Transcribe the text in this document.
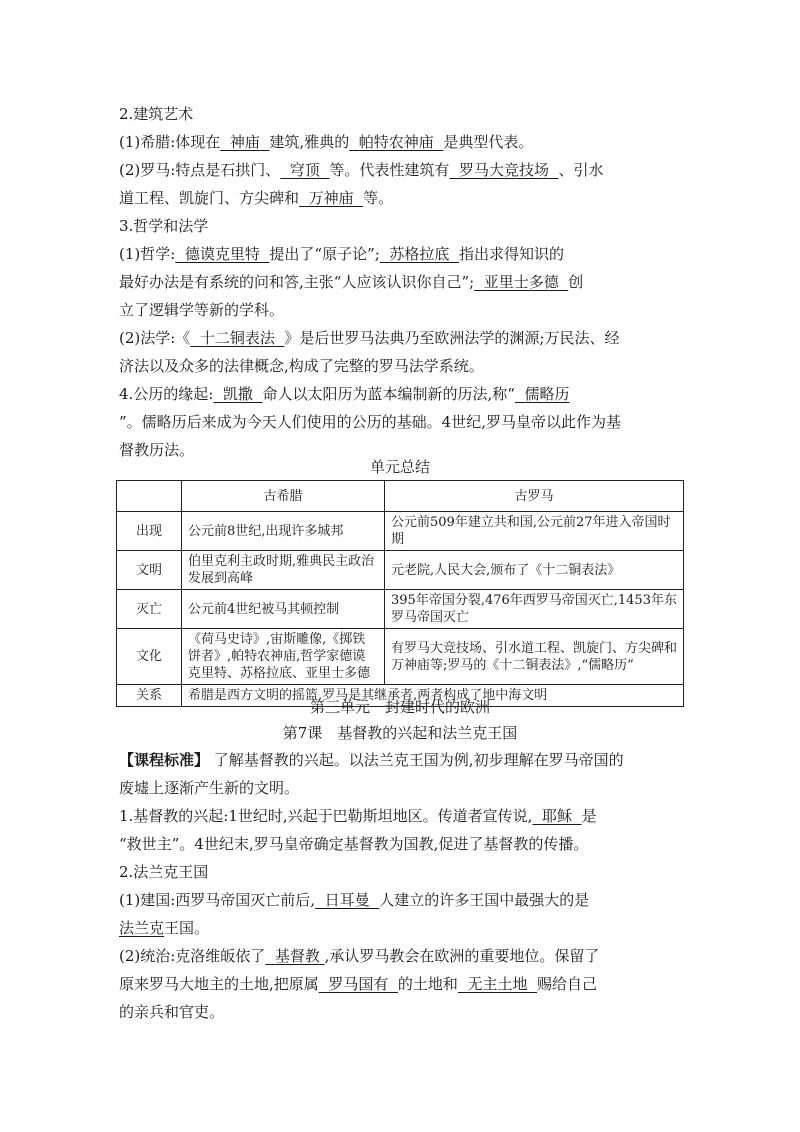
2.建筑艺术
(1)希腊:体现在 神庙 建筑,雅典的 帕特农神庙 是典型代表。
(2)罗马:特点是石拱门、 穹顶 等。代表性建筑有 罗马大竞技场 、引水
道工程、凯旋门、方尖碑和 万神庙 等。
3.哲学和法学
(1)哲学: 德谟克里特 提出了“原子论”; 苏格拉底 指出求得知识的
最好办法是有系统的问和答,主张“人应该认识你自己”; 亚里士多德 创
立了逻辑学等新的学科。
(2)法学:《 十二铜表法 》是后世罗马法典乃至欧洲法学的渊源;万民法、经
济法以及众多的法律概念,构成了完整的罗马法学系统。
4.公历的缘起: 凯撒 命人以太阳历为蓝本编制新的历法,称“ 儒略历
”。儒略历后来成为今天人们使用的公历的基础。4世纪,罗马皇帝以此作为基
督教历法。
单元总结
	古希腊	古罗马
出现	公元前8世纪,出现许多城邦	公元前509年建立共和国,公元前27年进入帝国时期
文明	伯里克利主政时期,雅典民主政治发展到高峰	元老院,人民大会,颁布了《十二铜表法》
灭亡	公元前4世纪被马其顿控制	395年帝国分裂,476年西罗马帝国灭亡,1453年东罗马帝国灭亡
文化	《荷马史诗》,宙斯雕像,《掷铁饼者》,帕特农神庙,哲学家德谟克里特、苏格拉底、亚里士多德	有罗马大竞技场、引水道工程、凯旋门、方尖碑和万神庙等;罗马的《十二铜表法》,“儒略历”
关系	希腊是西方文明的摇篮,罗马是其继承者,两者构成了地中海文明	
第三单元　封建时代的欧洲
第7课　基督教的兴起和法兰克王国
【课程标准】 了解基督教的兴起。以法兰克王国为例,初步理解在罗马帝国的
废墟上逐渐产生新的文明。
1.基督教的兴起:1世纪时,兴起于巴勒斯坦地区。传道者宣传说, 耶稣 是
“救世主”。4世纪末,罗马皇帝确定基督教为国教,促进了基督教的传播。
2.法兰克王国
(1)建国:西罗马帝国灭亡前后, 日耳曼 人建立的许多王国中最强大的是
法兰克王国。
(2)统治:克洛维皈依了 基督教 ,承认罗马教会在欧洲的重要地位。保留了
原来罗马大地主的土地,把原属 罗马国有 的土地和 无主土地 赐给自己
的亲兵和官吏。
